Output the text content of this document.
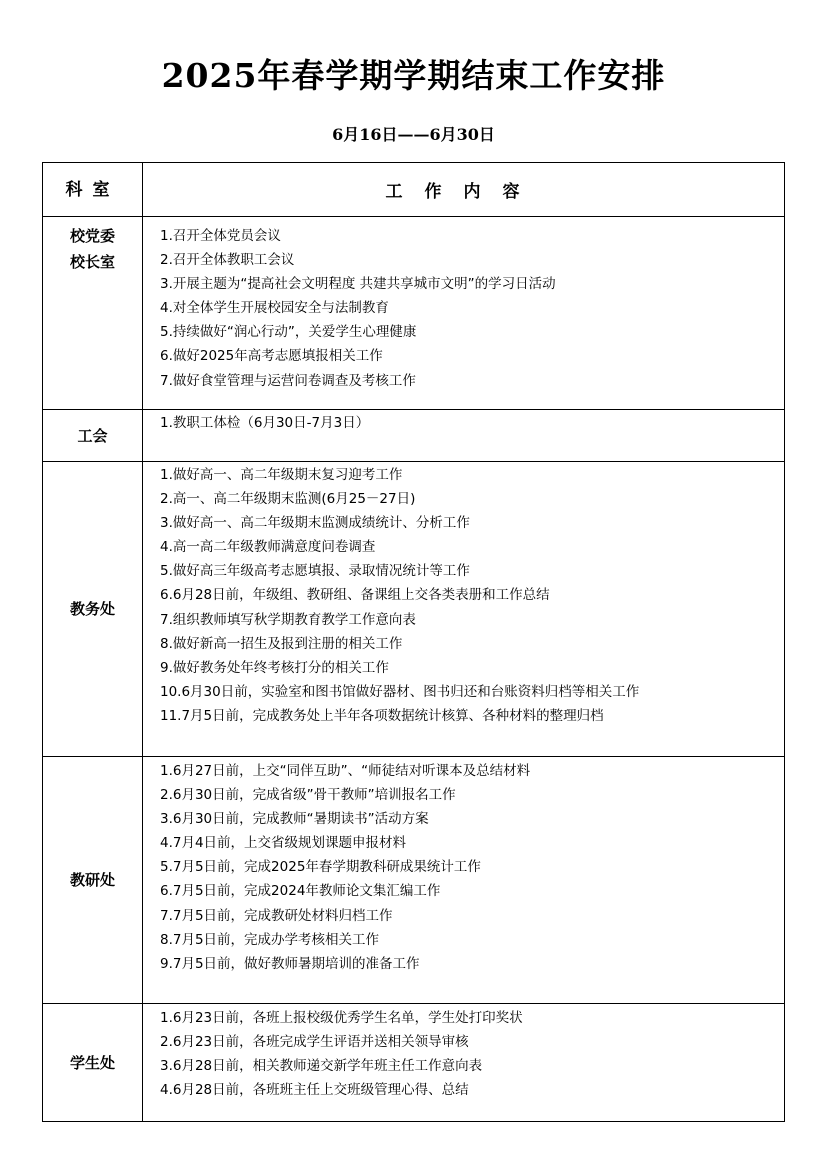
2025年春学期学期结束工作安排
6月16日——6月30日
科室	工作内容
校党委
校长室
1.召开全体党员会议
2.召开全体教职工会议
3.开展主题为“提高社会文明程度 共建共享城市文明”的学习日活动
4.对全体学生开展校园安全与法制教育
5.持续做好“润心行动”，关爱学生心理健康
6.做好2025年高考志愿填报相关工作
7.做好食堂管理与运营问卷调查及考核工作
工会
1.教职工体检（6月30日-7月3日）
教务处
1.做好高一、高二年级期末复习迎考工作
2.高一、高二年级期末监测(6月25－27日)
3.做好高一、高二年级期末监测成绩统计、分析工作
4.高一高二年级教师满意度问卷调查
5.做好高三年级高考志愿填报、录取情况统计等工作
6.6月28日前，年级组、教研组、备课组上交各类表册和工作总结
7.组织教师填写秋学期教育教学工作意向表
8.做好新高一招生及报到注册的相关工作
9.做好教务处年终考核打分的相关工作
10.6月30日前，实验室和图书馆做好器材、图书归还和台账资料归档等相关工作
11.7月5日前，完成教务处上半年各项数据统计核算、各种材料的整理归档
教研处
1.6月27日前，上交“同伴互助”、“师徒结对听课本及总结材料
2.6月30日前，完成省级”骨干教师”培训报名工作
3.6月30日前，完成教师“暑期读书”活动方案
4.7月4日前，上交省级规划课题申报材料
5.7月5日前，完成2025年春学期教科研成果统计工作
6.7月5日前，完成2024年教师论文集汇编工作
7.7月5日前，完成教研处材料归档工作
8.7月5日前，完成办学考核相关工作
9.7月5日前，做好教师暑期培训的准备工作
学生处
1.6月23日前，各班上报校级优秀学生名单，学生处打印奖状
2.6月23日前，各班完成学生评语并送相关领导审核
3.6月28日前，相关教师递交新学年班主任工作意向表
4.6月28日前，各班班主任上交班级管理心得、总结
